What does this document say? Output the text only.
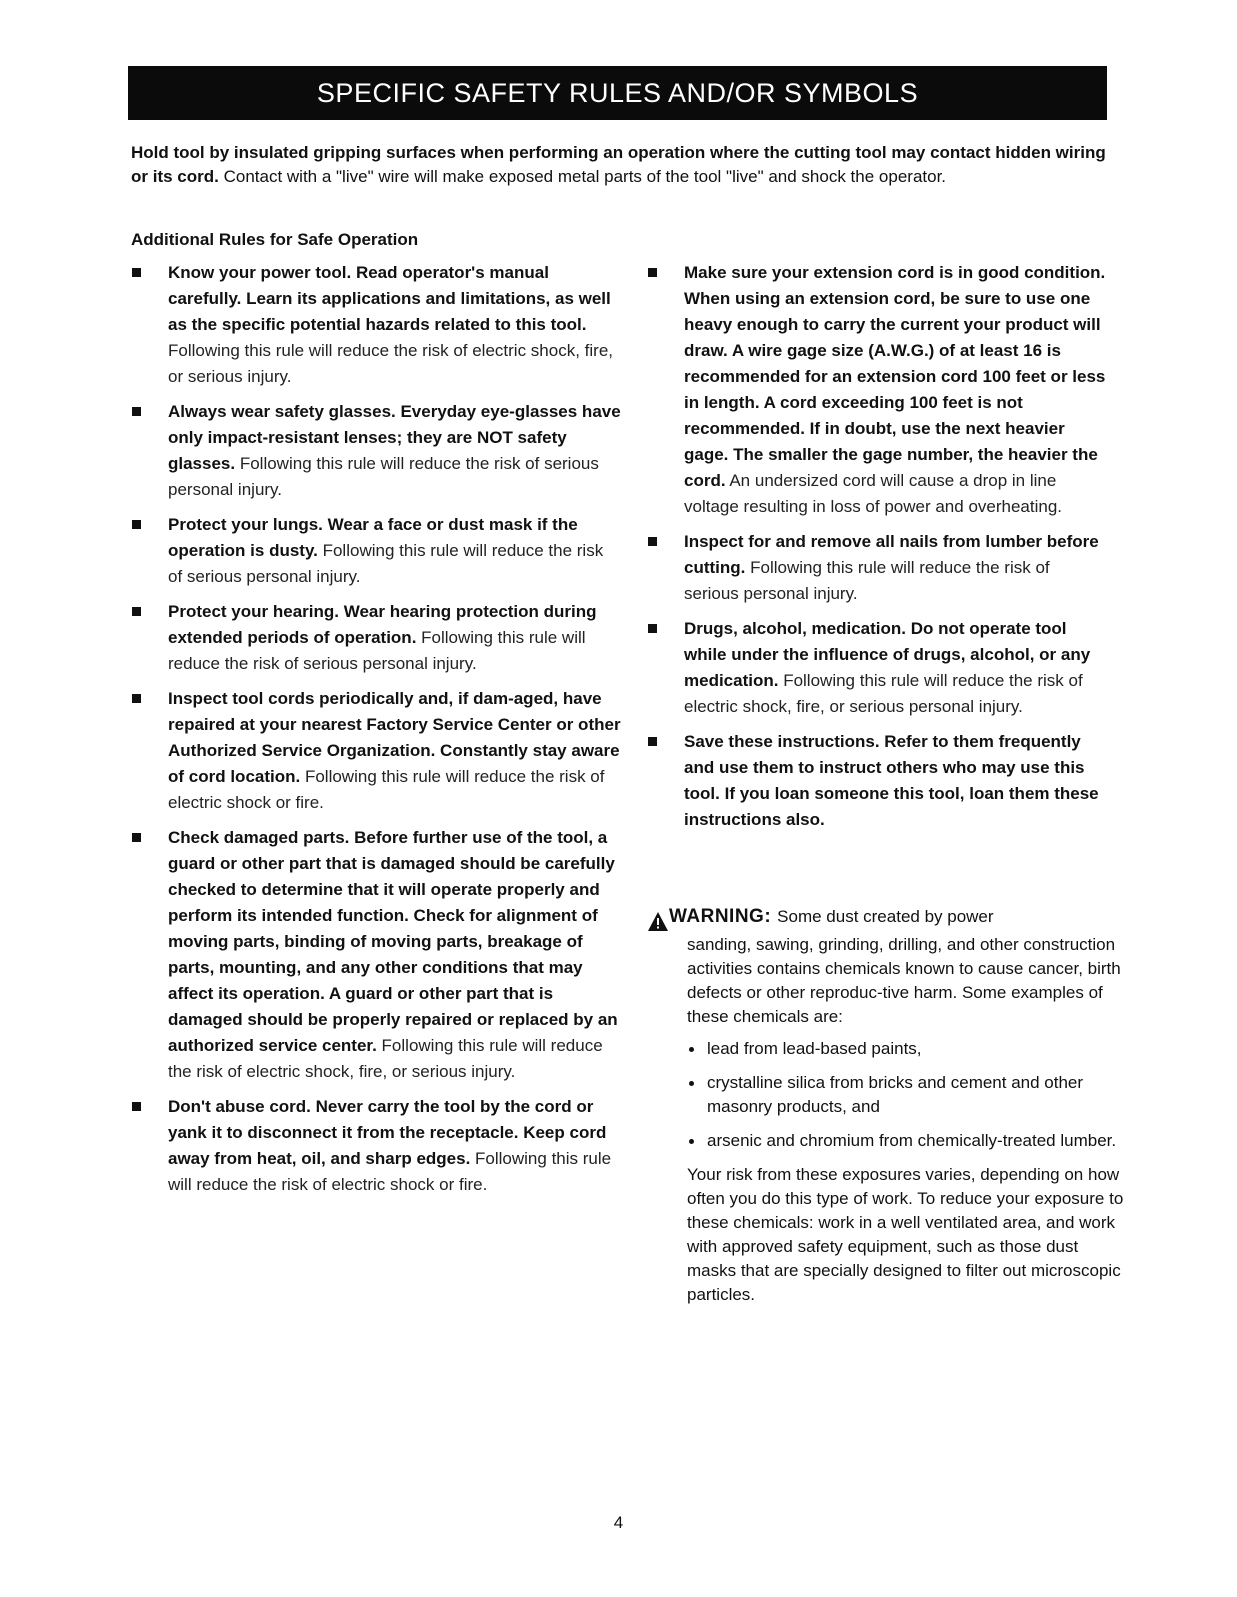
SPECIFIC SAFETY RULES AND/OR SYMBOLS
Hold tool by insulated gripping surfaces when performing an operation where the cutting tool may contact hidden wiring or its cord. Contact with a "live" wire will make exposed metal parts of the tool "live" and shock the operator.
Additional Rules for Safe Operation
Know your power tool. Read operator's manual carefully. Learn its applications and limitations, as well as the specific potential hazards related to this tool. Following this rule will reduce the risk of electric shock, fire, or serious injury.
Always wear safety glasses. Everyday eye-glasses have only impact-resistant lenses; they are NOT safety glasses. Following this rule will reduce the risk of serious personal injury.
Protect your lungs. Wear a face or dust mask if the operation is dusty. Following this rule will reduce the risk of serious personal injury.
Protect your hearing. Wear hearing protection during extended periods of operation. Following this rule will reduce the risk of serious personal injury.
Inspect tool cords periodically and, if dam-aged, have repaired at your nearest Factory Service Center or other Authorized Service Organization. Constantly stay aware of cord location. Following this rule will reduce the risk of electric shock or fire.
Check damaged parts. Before further use of the tool, a guard or other part that is damaged should be carefully checked to determine that it will operate properly and perform its intended function. Check for alignment of moving parts, binding of moving parts, breakage of parts, mounting, and any other conditions that may affect its operation. A guard or other part that is damaged should be properly repaired or replaced by an authorized service center. Following this rule will reduce the risk of electric shock, fire, or serious injury.
Don't abuse cord. Never carry the tool by the cord or yank it to disconnect it from the receptacle. Keep cord away from heat, oil, and sharp edges. Following this rule will reduce the risk of electric shock or fire.
Make sure your extension cord is in good condition. When using an extension cord, be sure to use one heavy enough to carry the current your product will draw. A wire gage size (A.W.G.) of at least 16 is recommended for an extension cord 100 feet or less in length. A cord exceeding 100 feet is not recommended. If in doubt, use the next heavier gage. The smaller the gage number, the heavier the cord. An undersized cord will cause a drop in line voltage resulting in loss of power and overheating.
Inspect for and remove all nails from lumber before cutting. Following this rule will reduce the risk of serious personal injury.
Drugs, alcohol, medication. Do not operate tool while under the influence of drugs, alcohol, or any medication. Following this rule will reduce the risk of electric shock, fire, or serious personal injury.
Save these instructions. Refer to them frequently and use them to instruct others who may use this tool. If you loan someone this tool, loan them these instructions also.
WARNING: Some dust created by power
sanding, sawing, grinding, drilling, and other construction activities contains chemicals known to cause cancer, birth defects or other reproduc-tive harm. Some examples of these chemicals are:
lead from lead-based paints,
crystalline silica from bricks and cement and other masonry products, and
arsenic and chromium from chemically-treated lumber.
Your risk from these exposures varies, depending on how often you do this type of work. To reduce your exposure to these chemicals: work in a well ventilated area, and work with approved safety equipment, such as those dust masks that are specially designed to filter out microscopic particles.
4
